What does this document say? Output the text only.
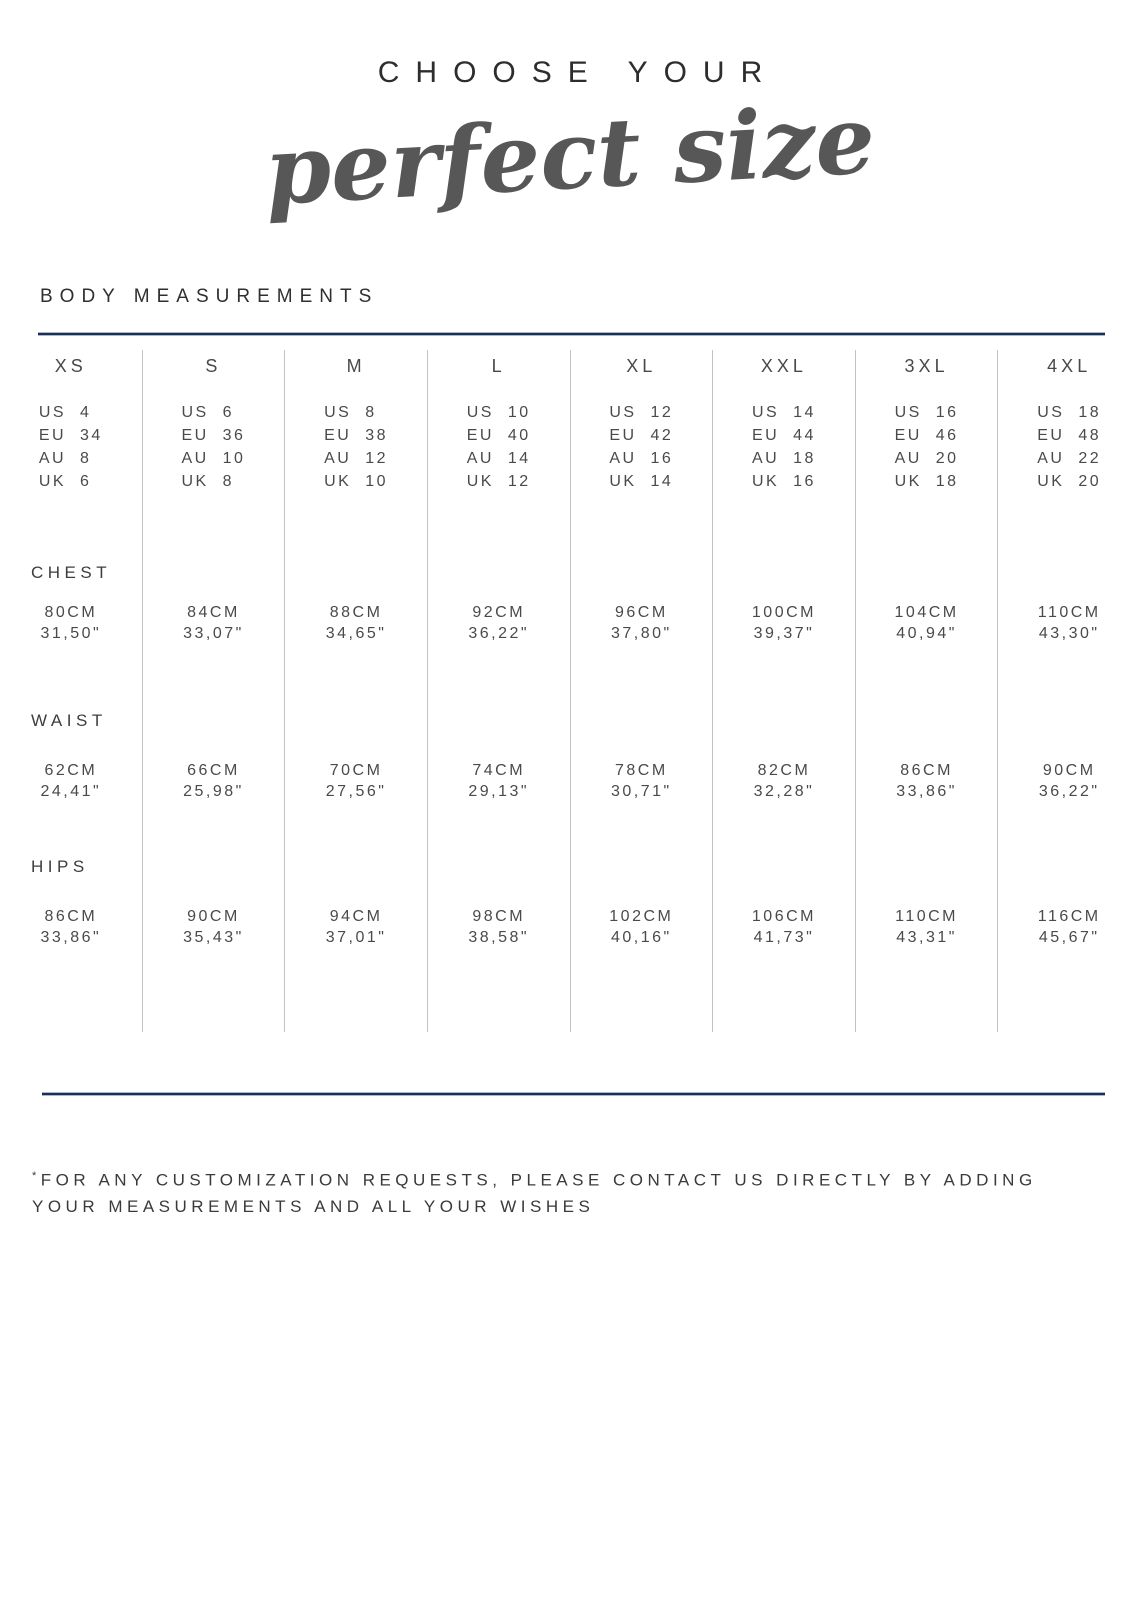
CHOOSE YOUR
perfect size
BODY MEASUREMENTS
XS
US 4
EU 34
AU 8
UK 6
80CM
31,50"
62CM
24,41"
86CM
33,86"
S
US 6
EU 36
AU 10
UK 8
84CM
33,07"
66CM
25,98"
90CM
35,43"
M
US 8
EU 38
AU 12
UK 10
88CM
34,65"
70CM
27,56"
94CM
37,01"
L
US 10
EU 40
AU 14
UK 12
92CM
36,22"
74CM
29,13"
98CM
38,58"
XL
US 12
EU 42
AU 16
UK 14
96CM
37,80"
78CM
30,71"
102CM
40,16"
XXL
US 14
EU 44
AU 18
UK 16
100CM
39,37"
82CM
32,28"
106CM
41,73"
3XL
US 16
EU 46
AU 20
UK 18
104CM
40,94"
86CM
33,86"
110CM
43,31"
4XL
US 18
EU 48
AU 22
UK 20
110CM
43,30"
90CM
36,22"
116CM
45,67"
CHEST
WAIST
HIPS

*FOR ANY CUSTOMIZATION REQUESTS, PLEASE CONTACT US DIRECTLY BY ADDING YOUR MEASUREMENTS AND ALL YOUR WISHES
